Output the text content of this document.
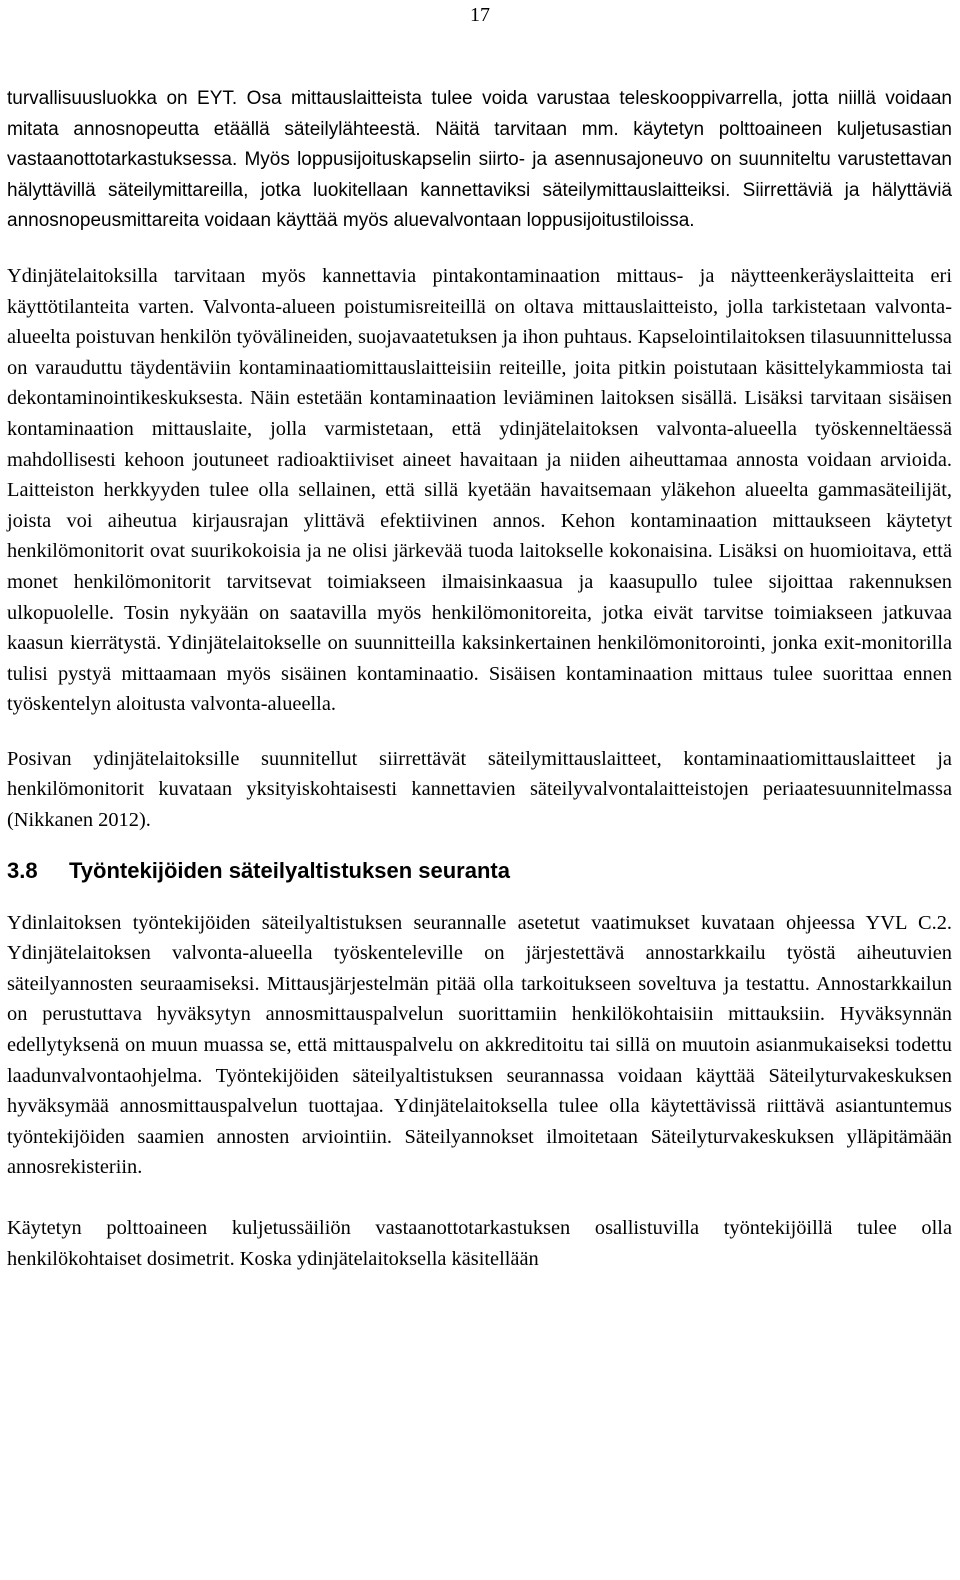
17

turvallisuusluokka on EYT. Osa mittauslaitteista tulee voida varustaa teleskooppivarrella, jotta niillä voidaan mitata annosnopeutta etäällä säteilylähteestä. Näitä tarvitaan mm. käytetyn polttoaineen kuljetusastian vastaanottotarkastuksessa. Myös loppusijoituskapselin siirto- ja asennusajoneuvo on suunniteltu varustettavan hälyttävillä säteilymittareilla, jotka luokitellaan kannettaviksi säteilymittauslaitteiksi. Siirrettäviä ja hälyttäviä annosnopeusmittareita voidaan käyttää myös aluevalvontaan loppusijoitustiloissa.

Ydinjätelaitoksilla tarvitaan myös kannettavia pintakontaminaation mittaus- ja näytteenkeräyslaitteita eri käyttötilanteita varten. Valvonta-alueen poistumisreiteillä on oltava mittauslaitteisto, jolla tarkistetaan valvonta-alueelta poistuvan henkilön työvälineiden, suojavaatetuksen ja ihon puhtaus. Kapselointilaitoksen tilasuunnittelussa on varauduttu täydentäviin kontaminaatiomittauslaitteisiin reiteille, joita pitkin poistutaan käsittelykammiosta tai dekontaminointikeskuksesta. Näin estetään kontaminaation leviäminen laitoksen sisällä. Lisäksi tarvitaan sisäisen kontaminaation mittauslaite, jolla varmistetaan, että ydinjätelaitoksen valvonta-alueella työskenneltäessä mahdollisesti kehoon joutuneet radioaktiiviset aineet havaitaan ja niiden aiheuttamaa annosta voidaan arvioida. Laitteiston herkkyyden tulee olla sellainen, että sillä kyetään havaitsemaan yläkehon alueelta gammasäteilijät, joista voi aiheutua kirjausrajan ylittävä efektiivinen annos. Kehon kontaminaation mittaukseen käytetyt henkilömonitorit ovat suurikokoisia ja ne olisi järkevää tuoda laitokselle kokonaisina. Lisäksi on huomioitava, että monet henkilömonitorit tarvitsevat toimiakseen ilmaisinkaasua ja kaasupullo tulee sijoittaa rakennuksen ulkopuolelle. Tosin nykyään on saatavilla myös henkilömonitoreita, jotka eivät tarvitse toimiakseen jatkuvaa kaasun kierrätystä. Ydinjätelaitokselle on suunnitteilla kaksinkertainen henkilömonitorointi, jonka exit-monitorilla tulisi pystyä mittaamaan myös sisäinen kontaminaatio. Sisäisen kontaminaation mittaus tulee suorittaa ennen työskentelyn aloitusta valvonta-alueella.

Posivan ydinjätelaitoksille suunnitellut siirrettävät säteilymittauslaitteet, kontaminaatiomittauslaitteet ja henkilömonitorit kuvataan yksityiskohtaisesti kannettavien säteilyvalvontalaitteistojen periaatesuunnitelmassa (Nikkanen 2012).

3.8	Työntekijöiden säteilyaltistuksen seuranta

Ydinlaitoksen työntekijöiden säteilyaltistuksen seurannalle asetetut vaatimukset kuvataan ohjeessa YVL C.2. Ydinjätelaitoksen valvonta-alueella työskenteleville on järjestettävä annostarkkailu työstä aiheutuvien säteilyannosten seuraamiseksi. Mittausjärjestelmän pitää olla tarkoitukseen soveltuva ja testattu. Annostarkkailun on perustuttava hyväksytyn annosmittauspalvelun suorittamiin henkilökohtaisiin mittauksiin. Hyväksynnän edellytyksenä on muun muassa se, että mittauspalvelu on akkreditoitu tai sillä on muutoin asianmukaiseksi todettu laadunvalvontaohjelma. Työntekijöiden säteilyaltistuksen seurannassa voidaan käyttää Säteilyturvakeskuksen hyväksymää annosmittauspalvelun tuottajaa. Ydinjätelaitoksella tulee olla käytettävissä riittävä asiantuntemus työntekijöiden saamien annosten arviointiin. Säteilyannokset ilmoitetaan Säteilyturvakeskuksen ylläpitämään annosrekisteriin.

Käytetyn polttoaineen kuljetussäiliön vastaanottotarkastuksen osallistuvilla työntekijöillä tulee olla henkilökohtaiset dosimetrit. Koska ydinjätelaitoksella käsitellään
